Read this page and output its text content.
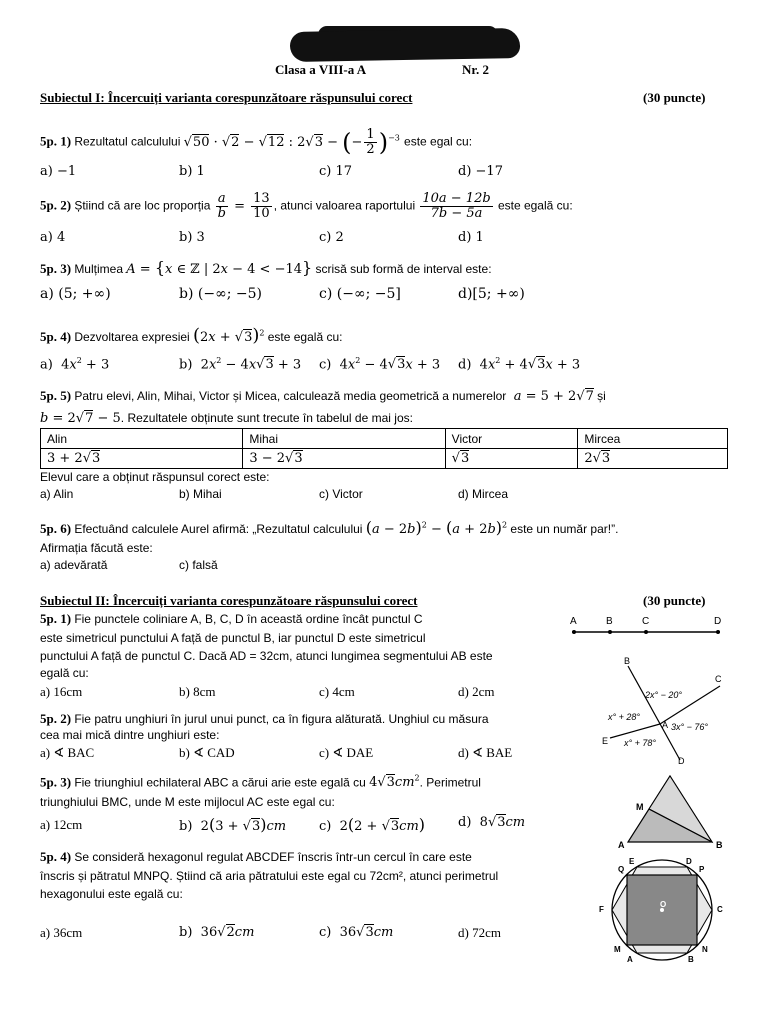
Clasa a VIII-a A	Nr. 2
Subiectul I: Încercuiți varianta corespunzătoare răspunsului corect	(30 puncte)
5p. 1) Rezultatul calculului √ 50 · √ 2 − √ 12 : 2 √ 3 − (− $\frac{1}{2} )^{-3}$ este egal cu:
a) −1	b) 1	c) 17	d) −17
5p. 2) Știind că are loc proporția $\frac{a}{b} = \frac{13}{10}$ , atunci valoarea raportului $\frac{10a - 12b}{7b - 5a}$ este egală cu:
a) 4	b) 3	c) 2	d) 1
5p. 3) Mulțimea A = {x ∈ ℤ | 2x − 4 < −14} scrisă sub formă de interval este:
a) (5; +∞)	b) (−∞; −5)	c) (−∞; −5]	d)[5; +∞)
5p. 4) Dezvoltarea expresiei (2x + √ 3)$^2$ este egală cu:
a)  $4x^2 + 3$	b)  $2x^2 - 4x$ √ 3 + 3 c)  $4x^2 - 4$ √ 3x + 3 d)  $4x^2 + 4$ √ 3x + 3
5p. 5) Patru elevi, Alin, Mihai, Victor și Micea, calculează media geometrică a numerelor a = 5 + 2 √ 7 și
b = 2 √ 7 − 5. Rezultatele obținute sunt trecute în tabelul de mai jos:
Alin	Mihai	Victor	Mircea
3 + 2 √ 3	3 − 2 √ 3	√3	2 √ 3
Elevul care a obținut răspunsul corect este:
a) Alin	b) Mihai	c) Victor	d) Mircea
5p. 6) Efectuând calculele Aurel afirmă: „Rezultatul calculului $(a - 2b)^2 - (a + 2b)^2$ este un număr par!”.
Afirmația făcută este:
a) adevărată	c) falsă
Subiectul II: Încercuiți varianta corespunzătoare răspunsului corect	(30 puncte)
5p. 1) Fie punctele coliniare A, B, C, D în această ordine încât punctul C
este simetricul punctului A față de punctul B, iar punctul D este simetricul
punctului A față de punctul C. Dacă AD = 32cm, atunci lungimea segmentului AB este
egală cu:
a) 16cm	b) 8cm	c) 4cm	d) 2cm
A	B	C	D
5p. 2) Fie patru unghiuri în jurul unui punct, ca în figura alăturată. Unghiul cu măsura
cea mai mică dintre unghiuri este:
a) ∢ BAC	b) ∢ CAD	c) ∢ DAE	d) ∢ BAE
B
C
E
D
A
2x° − 20°
x° + 28°
3x° − 76°
x° + 78°
5p. 3) Fie triunghiul echilateral ABC a cărui arie este egală cu 4 √ $3cm^2$. Perimetrul
triunghiului BMC, unde M este mijlocul AC este egal cu:
a) 12cm	b)  2(3 + √ 3)cm	c)  2(2 + √ 3cm)	d)  8 √ 3cm
M
A	B
5p. 4) Se consideră hexagonul regulat ABCDEF înscris într-un cercul în care este
înscris și pătratul MNPQ. Știind că aria pătratului este egal cu 72cm², atunci perimetrul
hexagonului este egală cu:
a) 36cm	b)  36 √ 2cm	c)  36 √ 3cm	d) 72cm
E	D
Q	P
F	C
O
M	N
A	B
